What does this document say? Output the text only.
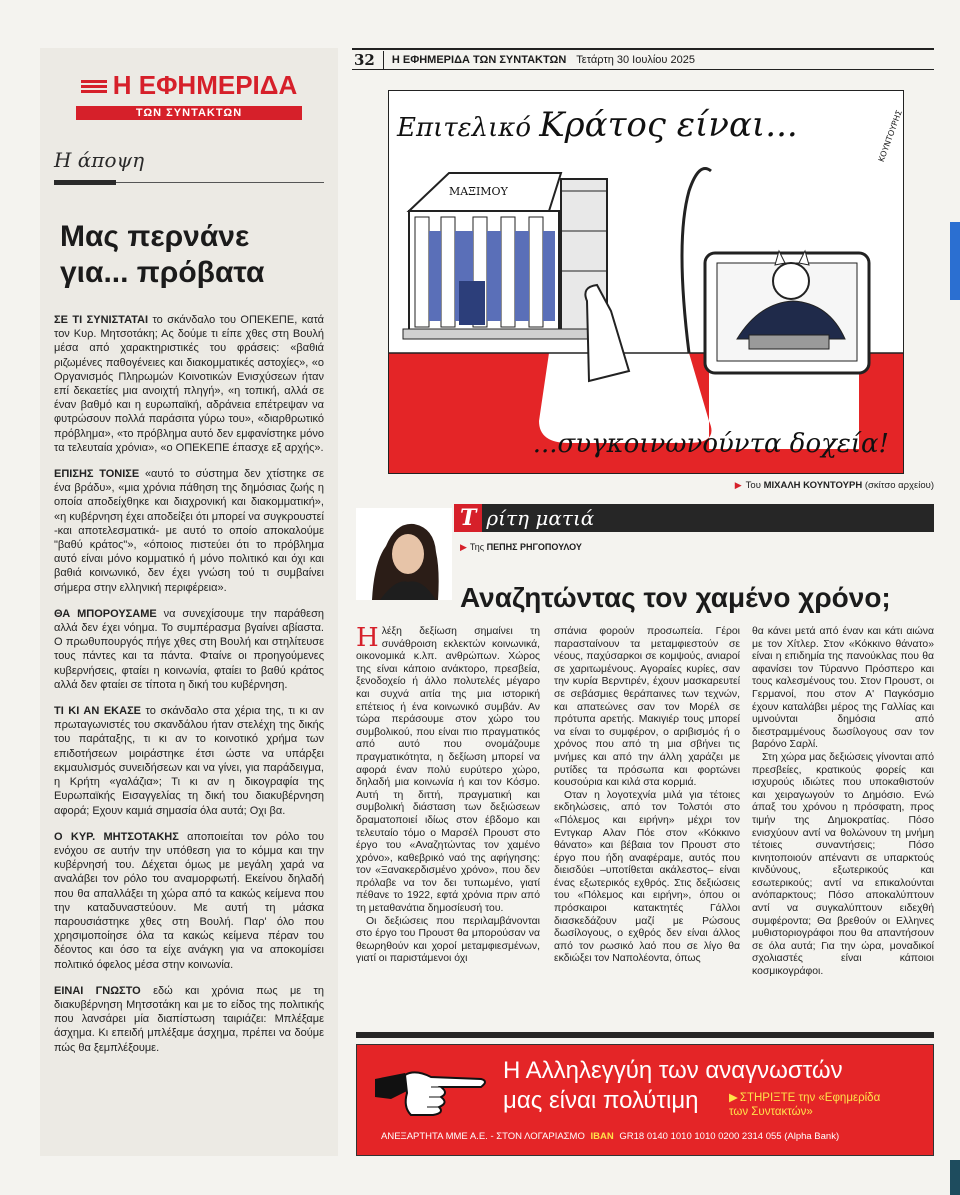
Η ΕΦΗΜΕΡΙΔΑ
ΤΩΝ ΣΥΝΤΑΚΤΩΝ
Η άποψη
Μας περνάνε
για... πρόβατα

ΣΕ ΤΙ ΣΥΝΙΣΤΑΤΑΙ το σκάνδαλο του ΟΠΕΚΕΠΕ, κατά τον Κυρ. Μητσοτάκη; Ας δούμε τι είπε χθες στη Βουλή μέσα από χαρακτηριστικές του φράσεις: «βαθιά ριζωμένες παθογένειες και διακομματικές αστοχίες», «ο Οργανισμός Πληρωμών Κοινοτικών Ενισχύσεων ήταν επί δεκαετίες μια ανοιχτή πληγή», «η τοπική, αλλά σε έναν βαθμό και η ευρωπαϊκή, αδράνεια επέτρεψαν να φυτρώσουν πολλά παράσιτα γύρω του», «διαρθρωτικό πρόβλημα», «το πρόβλημα αυτό δεν εμφανίστηκε μόνο τα τελευταία χρόνια», «ο ΟΠΕΚΕΠΕ έπασχε εξ αρχής».

ΕΠΙΣΗΣ ΤΟΝΙΣΕ «αυτό το σύστημα δεν χτίστηκε σε ένα βράδυ», «μια χρόνια πάθηση της δημόσιας ζωής η οποία αποδείχθηκε και διαχρονική και διακομματική», «η κυβέρνηση έχει αποδείξει ότι μπορεί να συγκρουστεί -και αποτελεσματικά- με αυτό το οποίο αποκαλούμε "βαθύ κράτος"», «όποιος πιστεύει ότι το πρόβλημα αυτό είναι μόνο κομματικό ή μόνο πολιτικό και όχι και βαθιά κοινωνικό, δεν έχει γνώση τού τι συμβαίνει σήμερα στην ελληνική περιφέρεια».

ΘΑ ΜΠΟΡΟΥΣΑΜΕ να συνεχίσουμε την παράθεση αλλά δεν έχει νόημα. Το συμπέρασμα βγαίνει αβίαστα. Ο πρωθυπουργός πήγε χθες στη Βουλή και στηλίτευσε τους πάντες και τα πάντα. Φταίνε οι προηγούμενες κυβερνήσεις, φταίει η κοινωνία, φταίει το βαθύ κράτος αλλά δεν φταίει σε τίποτα η δική του κυβέρνηση.

ΤΙ ΚΙ ΑΝ ΕΚΑΣΕ το σκάνδαλο στα χέρια της, τι κι αν πρωταγωνιστές του σκανδάλου ήταν στελέχη της δικής του παράταξης, τι κι αν το κοινοτικό χρήμα των επιδοτήσεων μοιράστηκε έτσι ώστε να υπάρξει εκμαυλισμός συνειδήσεων και να γίνει, για παράδειγμα, η Κρήτη «γαλάζια»; Τι κι αν η δικογραφία της Ευρωπαϊκής Εισαγγελίας τη δική του διακυβέρνηση αφορά; Εχουν καμιά σημασία όλα αυτά; Οχι βα.

Ο ΚΥΡ. ΜΗΤΣΟΤΑΚΗΣ αποποιείται τον ρόλο του ενόχου σε αυτήν την υπόθεση για το κόμμα και την κυβέρνησή του. Δέχεται όμως με μεγάλη χαρά να αναλάβει τον ρόλο του αναμορφωτή. Εκείνου δηλαδή που θα απαλλάξει τη χώρα από τα κακώς κείμενα που την καταδυναστεύουν. Με αυτή τη μάσκα παρουσιάστηκε χθες στη Βουλή. Παρ' όλο που χρησιμοποίησε όλα τα κακώς κείμενα πέραν του δέοντος και όσο τα είχε ανάγκη για να αποκομίσει πολιτικό όφελος μέσα στην κοινωνία.

ΕΙΝΑΙ ΓΝΩΣΤΟ εδώ και χρόνια πως με τη διακυβέρνηση Μητσοτάκη και με το είδος της πολιτικής που λανσάρει μία διαπίστωση ταιριάζει: Μπλέξαμε άσχημα. Κι επειδή μπλέξαμε άσχημα, πρέπει να δούμε πώς θα ξεμπλέξουμε.

32	Η ΕΦΗΜΕΡΙΔΑ ΤΩΝ ΣΥΝΤΑΚΤΩΝ Τετάρτη 30 Ιουλίου 2025
Επιτελικό Κράτος είναι...
ΜΑΞΙΜΟΥ
...συγκοινωνούντα δοχεία!
ΚΟΥΝΤΟΥΡΗΣ
▶ Του ΜΙΧΑΛΗ ΚΟΥΝΤΟΥΡΗ (σκίτσο αρχείου)
Τ ρίτη ματιά
▶ Της ΠΕΠΗΣ ΡΗΓΟΠΟΥΛΟΥ
Αναζητώντας τον χαμένο χρόνο;

Η λέξη δεξίωση σημαίνει τη συνάθροιση εκλεκτών κοινωνικά, οικονομικά κ.λπ. ανθρώπων. Χώρος της είναι κάποιο ανάκτορο, πρεσβεία, ξενοδοχείο ή άλλο πολυτελές μέγαρο και συχνά αιτία της μια ιστορική επέτειος ή ένα κοινωνικό συμβάν. Αν τώρα περάσουμε στον χώρο του συμβολικού, που είναι πιο πραγματικός από αυτό που ονομάζουμε πραγματικότητα, η δεξίωση μπορεί να αφορά έναν πολύ ευρύτερο χώρο, δηλαδή μια κοινωνία ή και τον Κόσμο. Αυτή τη διττή, πραγματική και συμβολική διάσταση των δεξιώσεων δραματοποιεί ιδίως στον έβδομο και τελευταίο τόμο ο Μαρσέλ Προυστ στο έργο του «Αναζητώντας τον χαμένο χρόνο», καθεβρικό ναό της αφήγησης: τον «Ξανακερδισμένο χρόνο», που δεν πρόλαβε να τον δει τυπωμένο, γιατί πέθανε το 1922, εφτά χρόνια πριν από τη μεταθανάτια δημοσίευσή του.

Οι δεξιώσεις που περιλαμβάνονται στο έργο του Προυστ θα μπορούσαν να θεωρηθούν και χοροί μεταμφιεσμένων, γιατί οι παριστάμενοι όχι

σπάνια φορούν προσωπεία. Γέροι παρασταίνουν τα μεταμφιεστούν σε νέους, παχύσαρκοι σε κομψούς, ανιαροί σε χαριτωμένους. Αγοραίες κυρίες, σαν την κυρία Βερντιρέν, έχουν μασκαρευτεί σε σεβάσμιες θεράπαινες των τεχνών, και απατεώνες σαν τον Μορέλ σε πρότυπα αρετής. Μακιγιέρ τους μπορεί να είναι το συμφέρον, ο αριβισμός ή ο χρόνος που από τη μια σβήνει τις μνήμες και από την άλλη χαράζει με ρυτίδες τα πρόσωπα και φορτώνει κουσούρια και κιλά στα κορμιά.

Οταν η λογοτεχνία μιλά για τέτοιες εκδηλώσεις, από τον Τολστόι στο «Πόλεμος και ειρήνη» μέχρι τον Εντγκαρ Αλαν Πόε στον «Κόκκινο θάνατο» και βέβαια τον Προυστ στο έργο που ήδη αναφέραμε, αυτός που διεισδύει –υποτίθεται ακάλεστος– είναι ένας εξωτερικός εχθρός. Στις δεξιώσεις του «Πόλεμος και ειρήνη», όπου οι πρόσκαιροι κατακτητές Γάλλοι διασκεδάζουν μαζί με Ρώσους δωσίλογους, ο εχθρός δεν είναι άλλος από τον ρωσικό λαό που σε λίγο θα εκδιώξει τον Ναπολέοντα, όπως

θα κάνει μετά από έναν και κάτι αιώνα με τον Χίτλερ. Στον «Κόκκινο θάνατο» είναι η επιδημία της πανούκλας που θα αφανίσει τον Τύραννο Πρόσπερο και τους καλεσμένους του. Στον Προυστ, οι Γερμανοί, που στον Α' Παγκόσμιο έχουν καταλάβει μέρος της Γαλλίας και υμνούνται δημόσια από διεστραμμένους δωσίλογους σαν τον βαρόνο Σαρλί.

Στη χώρα μας δεξιώσεις γίνονται από πρεσβείες, κρατικούς φορείς και ισχυρούς ιδιώτες που υποκαθιστούν και χειραγωγούν το Δημόσιο. Ενώ άπαξ του χρόνου η πρόσφατη, προς τιμήν της Δημοκρατίας. Πόσο ενισχύουν αντί να θολώνουν τη μνήμη τέτοιες συναντήσεις; Πόσο κινητοποιούν απέναντι σε υπαρκτούς κινδύνους, εξωτερικούς και εσωτερικούς; αντί να επικαλούνται ανόπαρκτους; Πόσο αποκαλύπτουν αντί να συγκαλύπτουν ειδεχθή συμφέροντα; Θα βρεθούν οι Ελληνες μυθιστοριογράφοι που θα απαντήσουν σε όλα αυτά; Για την ώρα, μοναδικοί σχολιαστές είναι κάποιοι κοσμικογράφοι.

Η Αλληλεγγύη των αναγνωστών
μας είναι πολύτιμη	▶ ΣΤΗΡΙΞΤΕ την «Εφημερίδα
των Συντακτών»
ΑΝΕΞΑΡΤΗΤΑ ΜΜΕ Α.Ε. - ΣΤΟΝ ΛΟΓΑΡΙΑΣΜΟ IBAN GR18 0140 1010 1010 0200 2314 055 (Alpha Bank)
